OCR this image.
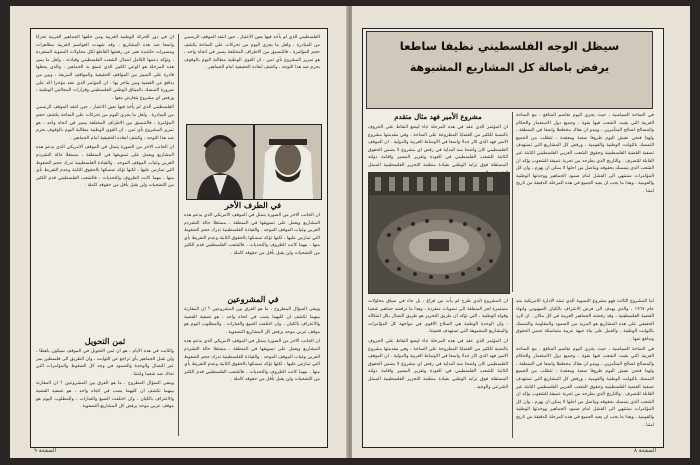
الفلسطيني الذي لم يأخذ فيها بعين الاعتبار ، حين انتقد الموقف الرسمي من المبادرة . ولعل ما يجري اليوم من تحركات على الساحة يكشف حجم المؤامرة ، فالتنسيق بين الاطراف المختلفة يسير في اتجاه واحد ، هو تمرير المشروع بأي ثمن . ان القوى الوطنية مطالبة اليوم بالوقوف بحزم ضد هذا التوجه ، وكشف ابعاده الحقيقية امام الجماهير .

في الطرف الأخر

ان الجانب الاخر من الصورة يتمثل في الموقف الامريكي الذي يدعم هذه المشاريع ويعمل على تسويقها في المنطقة ، مستغلا حالة التشرذم العربي وغياب الموقف الموحد . والقيادة الفلسطينية تدرك حجم الضغوط التي تمارس عليها ، لكنها تؤكد تمسكها بالحقوق الثابتة وعدم التفريط بأي منها ، مهما كانت الظروف والتحديات ، فالشعب الفلسطيني قدم الكثير من التضحيات ولن يقبل بأقل من حقوقه كاملة .

في المشروعين

ويبقى السؤال المطروح ، ما هو الفرق بين المشروعين ؟ ان المقارنة بينهما تكشف ان كليهما يصب في اتجاه واحد ، هو تصفية القضية والاعتراف بالكيان ، وان اختلفت الصيغ والعبارات ، والمطلوب اليوم هو موقف عربي موحد يرفض كل المشاريع التصفوية .

ان الجانب الاخر من الصورة يتمثل في الموقف الامريكي الذي يدعم هذه المشاريع ويعمل على تسويقها في المنطقة ، مستغلا حالة التشرذم العربي وغياب الموقف الموحد . والقيادة الفلسطينية تدرك حجم الضغوط التي تمارس عليها ، لكنها تؤكد تمسكها بالحقوق الثابتة وعدم التفريط بأي منها ، مهما كانت الظروف والتحديات ، فالشعب الفلسطيني قدم الكثير من التضحيات ولن يقبل بأقل من حقوقه كاملة .

ان في دور الحركة الوطنية العربية ومن خلفها الجماهير العربية تحركا واسعا ضد هذه المشاريع ، وقد شهدت العواصم العربية مظاهرات ومسيرات حاشدة تعبر عن رفضها القاطع لكل محاولات التسوية المنفردة ، وتؤكد دعمها الكامل لنضال الشعب الفلسطيني وقيادته . ولعل ما يميز هذه المرحلة هو الوعي الكبير الذي تتمتع به الجماهير ، والذي يجعلها قادرة على التمييز بين المواقف الحقيقية والمواقف المزيفة ، وبين من يدافع عن القضية ومن يتاجر بها . ان المؤتمر الذي عقد مؤخرا اكد على ضرورة التمسك بالميثاق الوطني الفلسطيني وقرارات المجالس الوطنية ، ورفض اي مشروع يتعارض معها .

الفلسطيني الذي لم يأخذ فيها بعين الاعتبار ، حين انتقد الموقف الرسمي من المبادرة . ولعل ما يجري اليوم من تحركات على الساحة يكشف حجم المؤامرة ، فالتنسيق بين الاطراف المختلفة يسير في اتجاه واحد ، هو تمرير المشروع بأي ثمن . ان القوى الوطنية مطالبة اليوم بالوقوف بحزم ضد هذا التوجه ، وكشف ابعاده الحقيقية امام الجماهير .

ان الجانب الاخر من الصورة يتمثل في الموقف الامريكي الذي يدعم هذه المشاريع ويعمل على تسويقها في المنطقة ، مستغلا حالة التشرذم العربي وغياب الموقف الموحد . والقيادة الفلسطينية تدرك حجم الضغوط التي تمارس عليها ، لكنها تؤكد تمسكها بالحقوق الثابتة وعدم التفريط بأي منها ، مهما كانت الظروف والتحديات ، فالشعب الفلسطيني قدم الكثير من التضحيات ولن يقبل بأقل من حقوقه كاملة .

ثمن التحويل

والثابت في هذه الايام ، هو ان ثمن التحويل في الموقف سيكون باهظا ، ولن تقبل الجماهير بأي تراجع عن الثوابت ، وان الطريق الى فلسطين يمر عبر النضال والوحدة والصمود في وجه كل الضغوط والمؤامرات التي تحاك ضد شعبنا وامتنا .

ويبقى السؤال المطروح ، ما هو الفرق بين المشروعين ؟ ان المقارنة بينهما تكشف ان كليهما يصب في اتجاه واحد ، هو تصفية القضية والاعتراف بالكيان ، وان اختلفت الصيغ والعبارات ، والمطلوب اليوم هو موقف عربي موحد يرفض كل المشاريع التصفوية .

الصفحة ٩
سيظل الوجه الفلسطيني نظيفا ساطعا
يرفض باصالة كل المشاريع المشبوهة

في الساحة السياسية ، حيث يجري اليوم تقاسم المنافع ، مع الساحة العربية التي بقيت الشعب فيها بقوة ، وجميع دول الاستعمار والحكام والمصالح لصالح المتآمرين ، ويبدو ان هناك مخططا واسعا في المنطقة ، ولهذا فنحن نعيش اليوم ظروفا صعبة ومعقدة ، تتطلب من الجميع التمسك بالثوابت الوطنية والقومية ، ورفض كل المشاريع التي تستهدف تصفية القضية الفلسطينية وحقوق الشعب العربي الفلسطيني الثابتة غير القابلة للتصرف . والتاريخ الذي يطرحه من تجربة عميقة للشعوب يؤكد ان الشعب الذي يتمسك بحقوقه ويناضل من اجلها لا يمكن ان يهزم ، وان كل المؤامرات ستنتهي الى الفشل امام صمود الجماهير ووحدتها الوطنية والقومية ، وهذا ما يجب ان يعيه الجميع في هذه المرحلة الدقيقة من تاريخ امتنا .

مشروع الأمير فهد مثال متقدم

ان المؤتمر الذي عقد في هذه المرحلة جاء ليضع النقاط على الحروف بالنسبة للكثير من القضايا المطروحة على الساحة ، وفي مقدمتها مشروع الامير فهد الذي اثار جدلا واسعا في الاوساط العربية والدولية . ان الموقف الفلسطيني كان واضحا منذ البداية في رفض اي مشروع لا يضمن الحقوق الثابتة للشعب الفلسطيني في العودة وتقرير المصير واقامة دولته المستقلة فوق ترابه الوطني بقيادة منظمة التحرير الفلسطينية الممثل

ان المشروع الذي طرح لم يأت من فراغ ، بل جاء في سياق محاولات مستمرة لجر المنطقة الى تسويات منفردة ، وهذا ما ترفضه جماهير شعبنا وقواه الوطنية ، التي تؤكد ان طريق التحرير هو طريق النضال بكل اشكاله ، وان الوحدة الوطنية هي السلاح الاقوى في مواجهة كل المؤامرات والمشاريع المشبوهة التي تستهدف قضيتنا .

ان المؤتمر الذي عقد في هذه المرحلة جاء ليضع النقاط على الحروف بالنسبة للكثير من القضايا المطروحة على الساحة ، وفي مقدمتها مشروع الامير فهد الذي اثار جدلا واسعا في الاوساط العربية والدولية . ان الموقف الفلسطيني كان واضحا منذ البداية في رفض اي مشروع لا يضمن الحقوق الثابتة للشعب الفلسطيني في العودة وتقرير المصير واقامة دولته المستقلة فوق ترابه الوطني بقيادة منظمة التحرير الفلسطينية الممثل الشرعي والوحيد .

اما المشروع الثالث فهو مشروع التسوية الذي تبنته الادارة الامريكية منذ عام ١٩٦٧ ، والذي يهدف الى فرض الاعتراف بالكيان الصهيوني وانهاء القضية الفلسطينية ، وقد رفضته الجماهير العربية في كل مكان . ان الرد الحقيقي على هذه المشاريع هو المزيد من الصمود والمقاومة والتمسك بالثوابت الوطنية ، والعمل على بناء جبهة عربية متماسكة تحمي الحقوق وتدافع عنها .

في الساحة السياسية ، حيث يجري اليوم تقاسم المنافع ، مع الساحة العربية التي بقيت الشعب فيها بقوة ، وجميع دول الاستعمار والحكام والمصالح لصالح المتآمرين ، ويبدو ان هناك مخططا واسعا في المنطقة ، ولهذا فنحن نعيش اليوم ظروفا صعبة ومعقدة ، تتطلب من الجميع التمسك بالثوابت الوطنية والقومية ، ورفض كل المشاريع التي تستهدف تصفية القضية الفلسطينية وحقوق الشعب العربي الفلسطيني الثابتة غير القابلة للتصرف . والتاريخ الذي يطرحه من تجربة عميقة للشعوب يؤكد ان الشعب الذي يتمسك بحقوقه ويناضل من اجلها لا يمكن ان يهزم ، وان كل المؤامرات ستنتهي الى الفشل امام صمود الجماهير ووحدتها الوطنية والقومية ، وهذا ما يجب ان يعيه الجميع في هذه المرحلة الدقيقة من تاريخ امتنا .

الصفحة ٨
